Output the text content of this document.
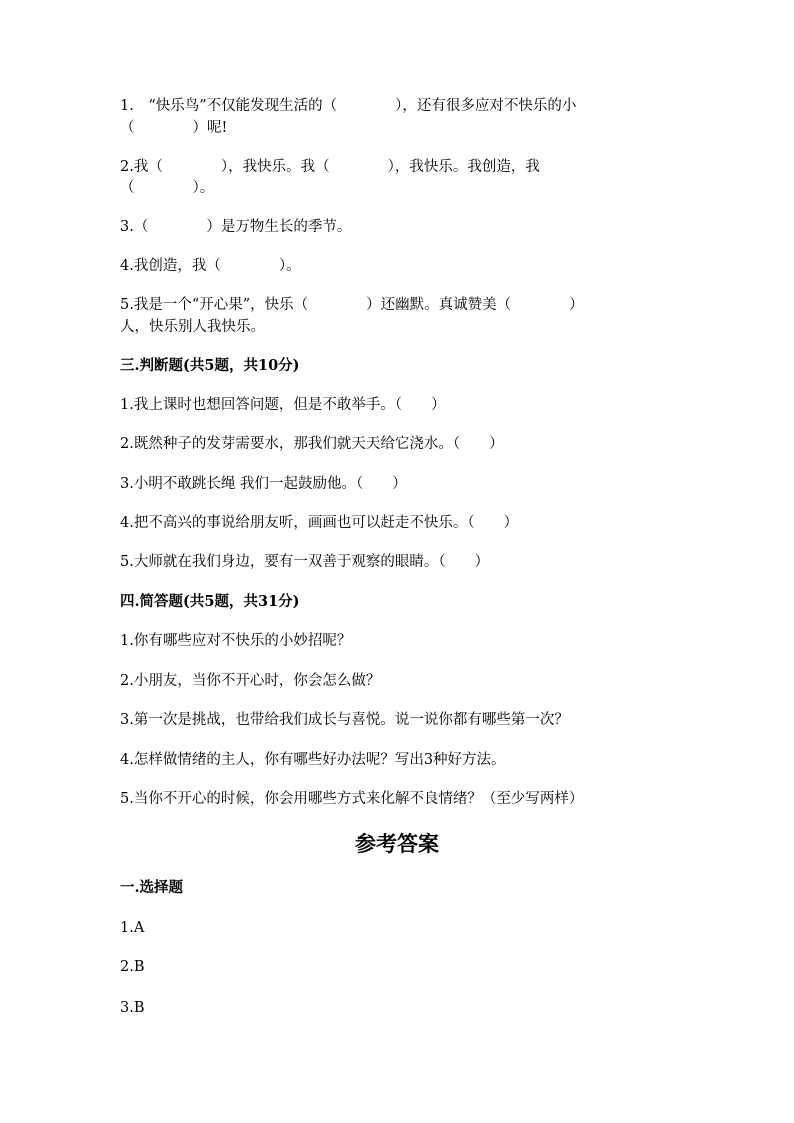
1.　“快乐鸟”不仅能发现生活的（　　　　），还有很多应对不快乐的小

（　　　　）呢!

2.我（　　　　），我快乐。我（　　　　），我快乐。我创造，我

（　　　　）。

3.（　　　　）是万物生长的季节。

4.我创造，我（　　　　）。

5.我是一个“开心果”，快乐（　　　　）还幽默。真诚赞美（　　　　）

人，快乐别人我快乐。

三.判断题(共5题，共10分)

1.我上课时也想回答问题，但是不敢举手。（　　）

2.既然种子的发芽需要水，那我们就天天给它浇水。（　　）

3.小明不敢跳长绳 我们一起鼓励他。（　　）

4.把不高兴的事说给朋友听，画画也可以赶走不快乐。（　　）

5.大师就在我们身边，要有一双善于观察的眼睛。（　　）

四.简答题(共5题，共31分)

1.你有哪些应对不快乐的小妙招呢？

2.小朋友，当你不开心时，你会怎么做？

3.第一次是挑战，也带给我们成长与喜悦。说一说你都有哪些第一次？

4.怎样做情绪的主人，你有哪些好办法呢？写出3种好方法。

5.当你不开心的时候，你会用哪些方式来化解不良情绪？（至少写两样）

参考答案

一.选择题

1.A

2.B

3.B
